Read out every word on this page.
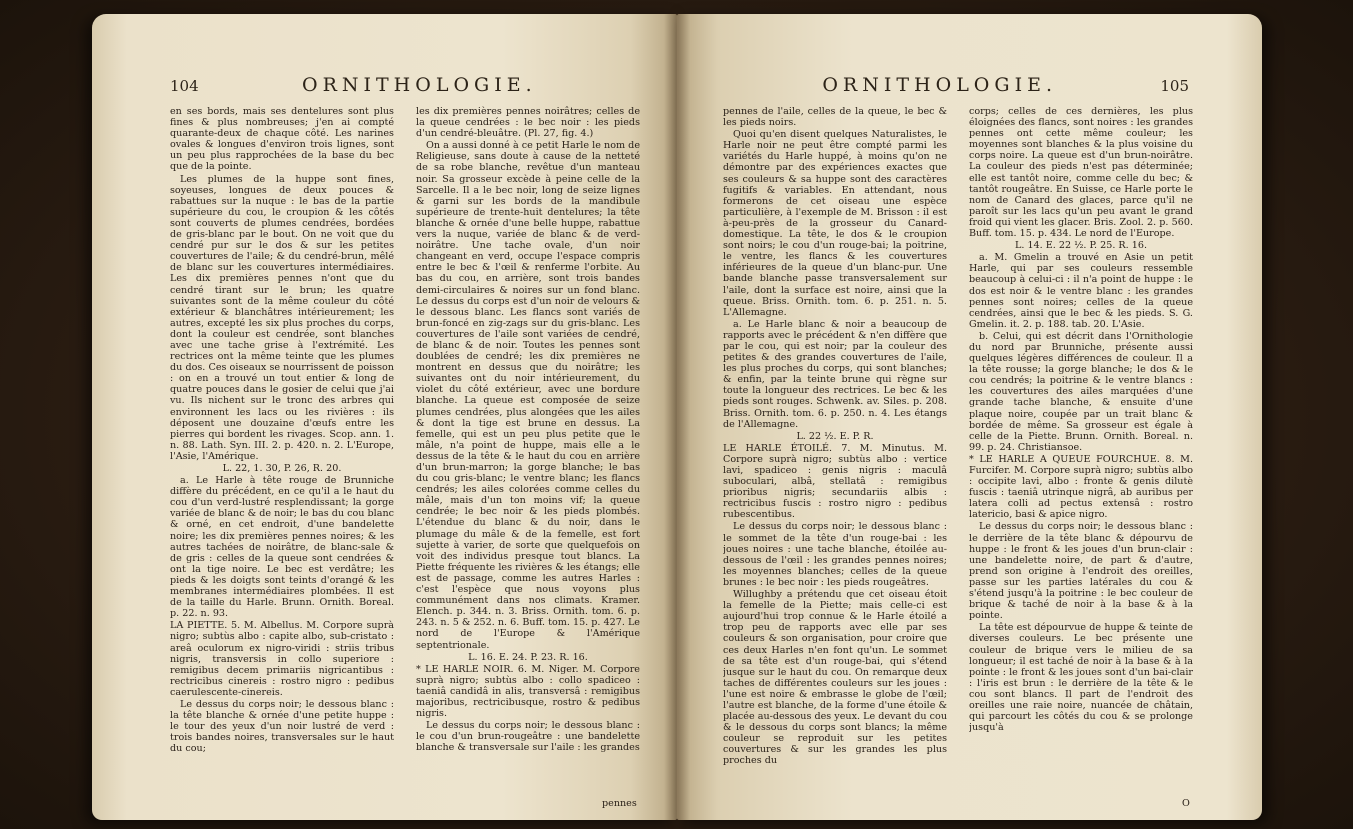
104	ORNITHOLOGIE.

en ses bords, mais ses dentelures sont plus fines & plus nombreuses; j'en ai compté quarante-deux de chaque côté. Les narines ovales & longues d'environ trois lignes, sont un peu plus rapprochées de la base du bec que de la pointe.

Les plumes de la huppe sont fines, soyeuses, longues de deux pouces & rabattues sur la nuque : le bas de la partie supérieure du cou, le croupion & les côtés sont couverts de plumes cendrées, bordées de gris-blanc par le bout. On ne voit que du cendré pur sur le dos & sur les petites couvertures de l'aile; & du cendré-brun, mêlé de blanc sur les couvertures intermédiaires. Les dix premières pennes n'ont que du cendré tirant sur le brun; les quatre suivantes sont de la même couleur du côté extérieur & blanchâtres intérieurement; les autres, excepté les six plus proches du corps, dont la couleur est cendrée, sont blanches avec une tache grise à l'extrémité. Les rectrices ont la même teinte que les plumes du dos. Ces oiseaux se nourrissent de poisson : on en a trouvé un tout entier & long de quatre pouces dans le gosier de celui que j'ai vu. Ils nichent sur le tronc des arbres qui environnent les lacs ou les rivières : ils déposent une douzaine d'œufs entre les pierres qui bordent les rivages. Scop. ann. 1. n. 88. Lath. Syn. III. 2. p. 420. n. 2. L'Europe, l'Asie, l'Amérique.

L. 22, 1. 30, P. 26, R. 20.

a. Le Harle à tête rouge de Brunniche diffère du précédent, en ce qu'il a le haut du cou d'un verd-lustré resplendissant; la gorge variée de blanc & de noir; le bas du cou blanc & orné, en cet endroit, d'une bandelette noire; les dix premières pennes noires; & les autres tachées de noirâtre, de blanc-sale & de gris : celles de la queue sont cendrées & ont la tige noire. Le bec est verdâtre; les pieds & les doigts sont teints d'orangé & les membranes intermédiaires plombées. Il est de la taille du Harle. Brunn. Ornith. Boreal. p. 22. n. 93.

LA PIETTE. 5. M. Albellus. M. Corpore suprà nigro; subtùs albo : capite albo, sub-cristato : areâ oculorum ex nigro-viridi : striis tribus nigris, transversis in collo superiore : remigibus decem primariis nigricantibus : rectricibus cinereis : rostro nigro : pedibus caerulescente-cinereis.

Le dessus du corps noir; le dessous blanc : la tête blanche & ornée d'une petite huppe : le tour des yeux d'un noir lustré de verd : trois bandes noires, transversales sur le haut du cou;

les dix premières pennes noirâtres; celles de la queue cendrées : le bec noir : les pieds d'un cendré-bleuâtre. (Pl. 27, fig. 4.)

On a aussi donné à ce petit Harle le nom de Religieuse, sans doute à cause de la netteté de sa robe blanche, revêtue d'un manteau noir. Sa grosseur excède à peine celle de la Sarcelle. Il a le bec noir, long de seize lignes & garni sur les bords de la mandibule supérieure de trente-huit dentelures; la tête blanche & ornée d'une belle huppe, rabattue vers la nuque, variée de blanc & de verd-noirâtre. Une tache ovale, d'un noir changeant en verd, occupe l'espace compris entre le bec & l'œil & renferme l'orbite. Au bas du cou, en arrière, sont trois bandes demi-circulaires & noires sur un fond blanc. Le dessus du corps est d'un noir de velours & le dessous blanc. Les flancs sont variés de brun-foncé en zig-zags sur du gris-blanc. Les couvertures de l'aile sont variées de cendré, de blanc & de noir. Toutes les pennes sont doublées de cendré; les dix premières ne montrent en dessus que du noirâtre; les suivantes ont du noir intérieurement, du violet du côté extérieur, avec une bordure blanche. La queue est composée de seize plumes cendrées, plus alongées que les ailes & dont la tige est brune en dessus. La femelle, qui est un peu plus petite que le mâle, n'a point de huppe, mais elle a le dessus de la tête & le haut du cou en arrière d'un brun-marron; la gorge blanche; le bas du cou gris-blanc; le ventre blanc; les flancs cendrés; les ailes colorées comme celles du mâle, mais d'un ton moins vif; la queue cendrée; le bec noir & les pieds plombés. L'étendue du blanc & du noir, dans le plumage du mâle & de la femelle, est fort sujette à varier, de sorte que quelquefois on voit des individus presque tout blancs. La Piette fréquente les rivières & les étangs; elle est de passage, comme les autres Harles : c'est l'espèce que nous voyons plus communément dans nos climats. Kramer. Elench. p. 344. n. 3. Briss. Ornith. tom. 6. p. 243. n. 5 & 252. n. 6. Buff. tom. 15. p. 427. Le nord de l'Europe & l'Amérique septentrionale.

L. 16. E. 24. P. 23. R. 16.

* LE HARLE NOIR. 6. M. Niger. M. Corpore suprà nigro; subtùs albo : collo spadiceo : taeniâ candidâ in alis, transversâ : remigibus majoribus, rectricibusque, rostro & pedibus nigris.

Le dessus du corps noir; le dessous blanc : le cou d'un brun-rougeâtre : une bandelette blanche & transversale sur l'aile : les grandes

pennes
ORNITHOLOGIE.	105

pennes de l'aile, celles de la queue, le bec & les pieds noirs.

Quoi qu'en disent quelques Naturalistes, le Harle noir ne peut être compté parmi les variétés du Harle huppé, à moins qu'on ne démontre par des expériences exactes que ses couleurs & sa huppe sont des caractères fugitifs & variables. En attendant, nous formerons de cet oiseau une espèce particulière, à l'exemple de M. Brisson : il est à-peu-près de la grosseur du Canard-domestique. La tête, le dos & le croupion sont noirs; le cou d'un rouge-bai; la poitrine, le ventre, les flancs & les couvertures inférieures de la queue d'un blanc-pur. Une bande blanche passe transversalement sur l'aile, dont la surface est noire, ainsi que la queue. Briss. Ornith. tom. 6. p. 251. n. 5. L'Allemagne.

a. Le Harle blanc & noir a beaucoup de rapports avec le précédent & n'en diffère que par le cou, qui est noir; par la couleur des petites & des grandes couvertures de l'aile, les plus proches du corps, qui sont blanches; & enfin, par la teinte brune qui règne sur toute la longueur des rectrices. Le bec & les pieds sont rouges. Schwenk. av. Siles. p. 208. Briss. Ornith. tom. 6. p. 250. n. 4. Les étangs de l'Allemagne.

L. 22 ½. E. P. R.

LE HARLE ÉTOILÉ. 7. M. Minutus. M. Corpore suprà nigro; subtùs albo : vertice lavi, spadiceo : genis nigris : maculâ suboculari, albâ, stellatâ : remigibus prioribus nigris; secundariis albis : rectricibus fuscis : rostro nigro : pedibus rubescentibus.

Le dessus du corps noir; le dessous blanc : le sommet de la tête d'un rouge-bai : les joues noires : une tache blanche, étoilée au-dessous de l'œil : les grandes pennes noires; les moyennes blanches; celles de la queue brunes : le bec noir : les pieds rougeâtres.

Willughby a prétendu que cet oiseau étoit la femelle de la Piette; mais celle-ci est aujourd'hui trop connue & le Harle étoilé a trop peu de rapports avec elle par ses couleurs & son organisation, pour croire que ces deux Harles n'en font qu'un. Le sommet de sa tête est d'un rouge-bai, qui s'étend jusque sur le haut du cou. On remarque deux taches de différentes couleurs sur les joues : l'une est noire & embrasse le globe de l'œil; l'autre est blanche, de la forme d'une étoile & placée au-dessous des yeux. Le devant du cou & le dessous du corps sont blancs; la même couleur se reproduit sur les petites couvertures & sur les grandes les plus proches du

corps; celles de ces dernières, les plus éloignées des flancs, sont noires : les grandes pennes ont cette même couleur; les moyennes sont blanches & la plus voisine du corps noire. La queue est d'un brun-noirâtre. La couleur des pieds n'est pas déterminée; elle est tantôt noire, comme celle du bec; & tantôt rougeâtre. En Suisse, ce Harle porte le nom de Canard des glaces, parce qu'il ne paroît sur les lacs qu'un peu avant le grand froid qui vient les glacer. Bris. Zool. 2. p. 560. Buff. tom. 15. p. 434. Le nord de l'Europe.

L. 14. E. 22 ½. P. 25. R. 16.

a. M. Gmelin a trouvé en Asie un petit Harle, qui par ses couleurs ressemble beaucoup à celui-ci : il n'a point de huppe : le dos est noir & le ventre blanc : les grandes pennes sont noires; celles de la queue cendrées, ainsi que le bec & les pieds. S. G. Gmelin. it. 2. p. 188. tab. 20. L'Asie.

b. Celui, qui est décrit dans l'Ornithologie du nord par Brunniche, présente aussi quelques légères différences de couleur. Il a la tête rousse; la gorge blanche; le dos & le cou cendrés; la poitrine & le ventre blancs : les couvertures des ailes marquées d'une grande tache blanche, & ensuite d'une plaque noire, coupée par un trait blanc & bordée de même. Sa grosseur est égale à celle de la Piette. Brunn. Ornith. Boreal. n. 99. p. 24. Christiansoe.

* LE HARLE A QUEUE FOURCHUE. 8. M. Furcifer. M. Corpore suprà nigro; subtùs albo : occipite lavi, albo : fronte & genis dilutè fuscis : taeniâ utrinque nigrâ, ab auribus per latera colli ad pectus extensâ : rostro latericio, basi & apice nigro.

Le dessus du corps noir; le dessous blanc : le derrière de la tête blanc & dépourvu de huppe : le front & les joues d'un brun-clair : une bandelette noire, de part & d'autre, prend son origine à l'endroit des oreilles, passe sur les parties latérales du cou & s'étend jusqu'à la poitrine : le bec couleur de brique & taché de noir à la base & à la pointe.

La tête est dépourvue de huppe & teinte de diverses couleurs. Le bec présente une couleur de brique vers le milieu de sa longueur; il est taché de noir à la base & à la pointe : le front & les joues sont d'un bai-clair : l'iris est brun : le derrière de la tête & le cou sont blancs. Il part de l'endroit des oreilles une raie noire, nuancée de châtain, qui parcourt les côtés du cou & se prolonge jusqu'à

O
